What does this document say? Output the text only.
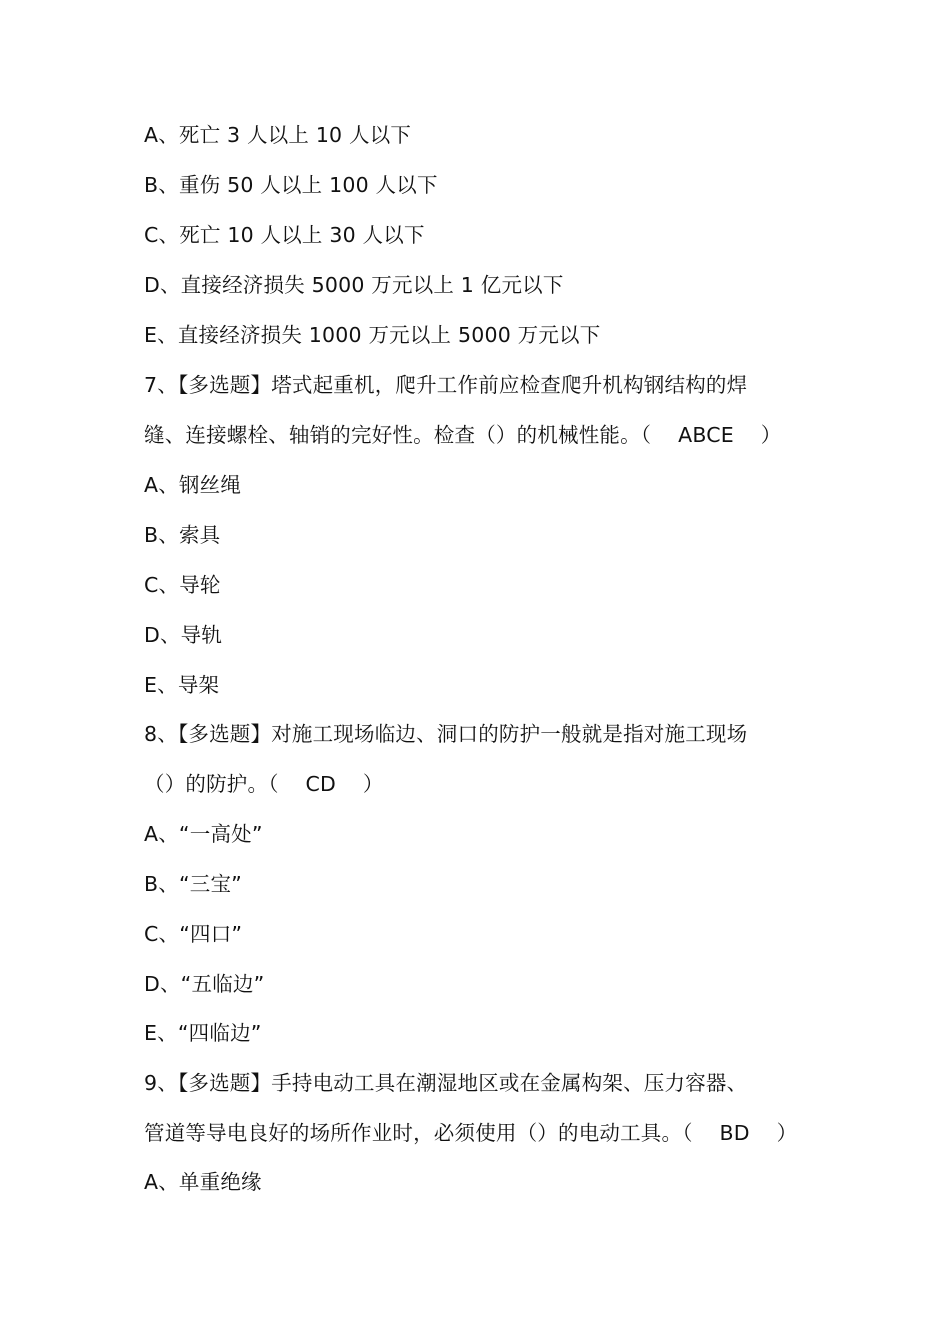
A、死亡 3 人以上 10 人以下
B、重伤 50 人以上 100 人以下
C、死亡 10 人以上 30 人以下
D、直接经济损失 5000 万元以上 1 亿元以下
E、直接经济损失 1000 万元以上 5000 万元以下
7、【多选题】塔式起重机，爬升工作前应检查爬升机构钢结构的焊
缝、连接螺栓、轴销的完好性。检查（）的机械性能。（    ABCE    ）
A、钢丝绳
B、索具
C、导轮
D、导轨
E、导架
8、【多选题】对施工现场临边、洞口的防护一般就是指对施工现场
（）的防护。（    CD    ）
A、“一高处”
B、“三宝”
C、“四口”
D、“五临边”
E、“四临边”
9、【多选题】手持电动工具在潮湿地区或在金属构架、压力容器、
管道等导电良好的场所作业时，必须使用（）的电动工具。（    BD    ）
A、单重绝缘
